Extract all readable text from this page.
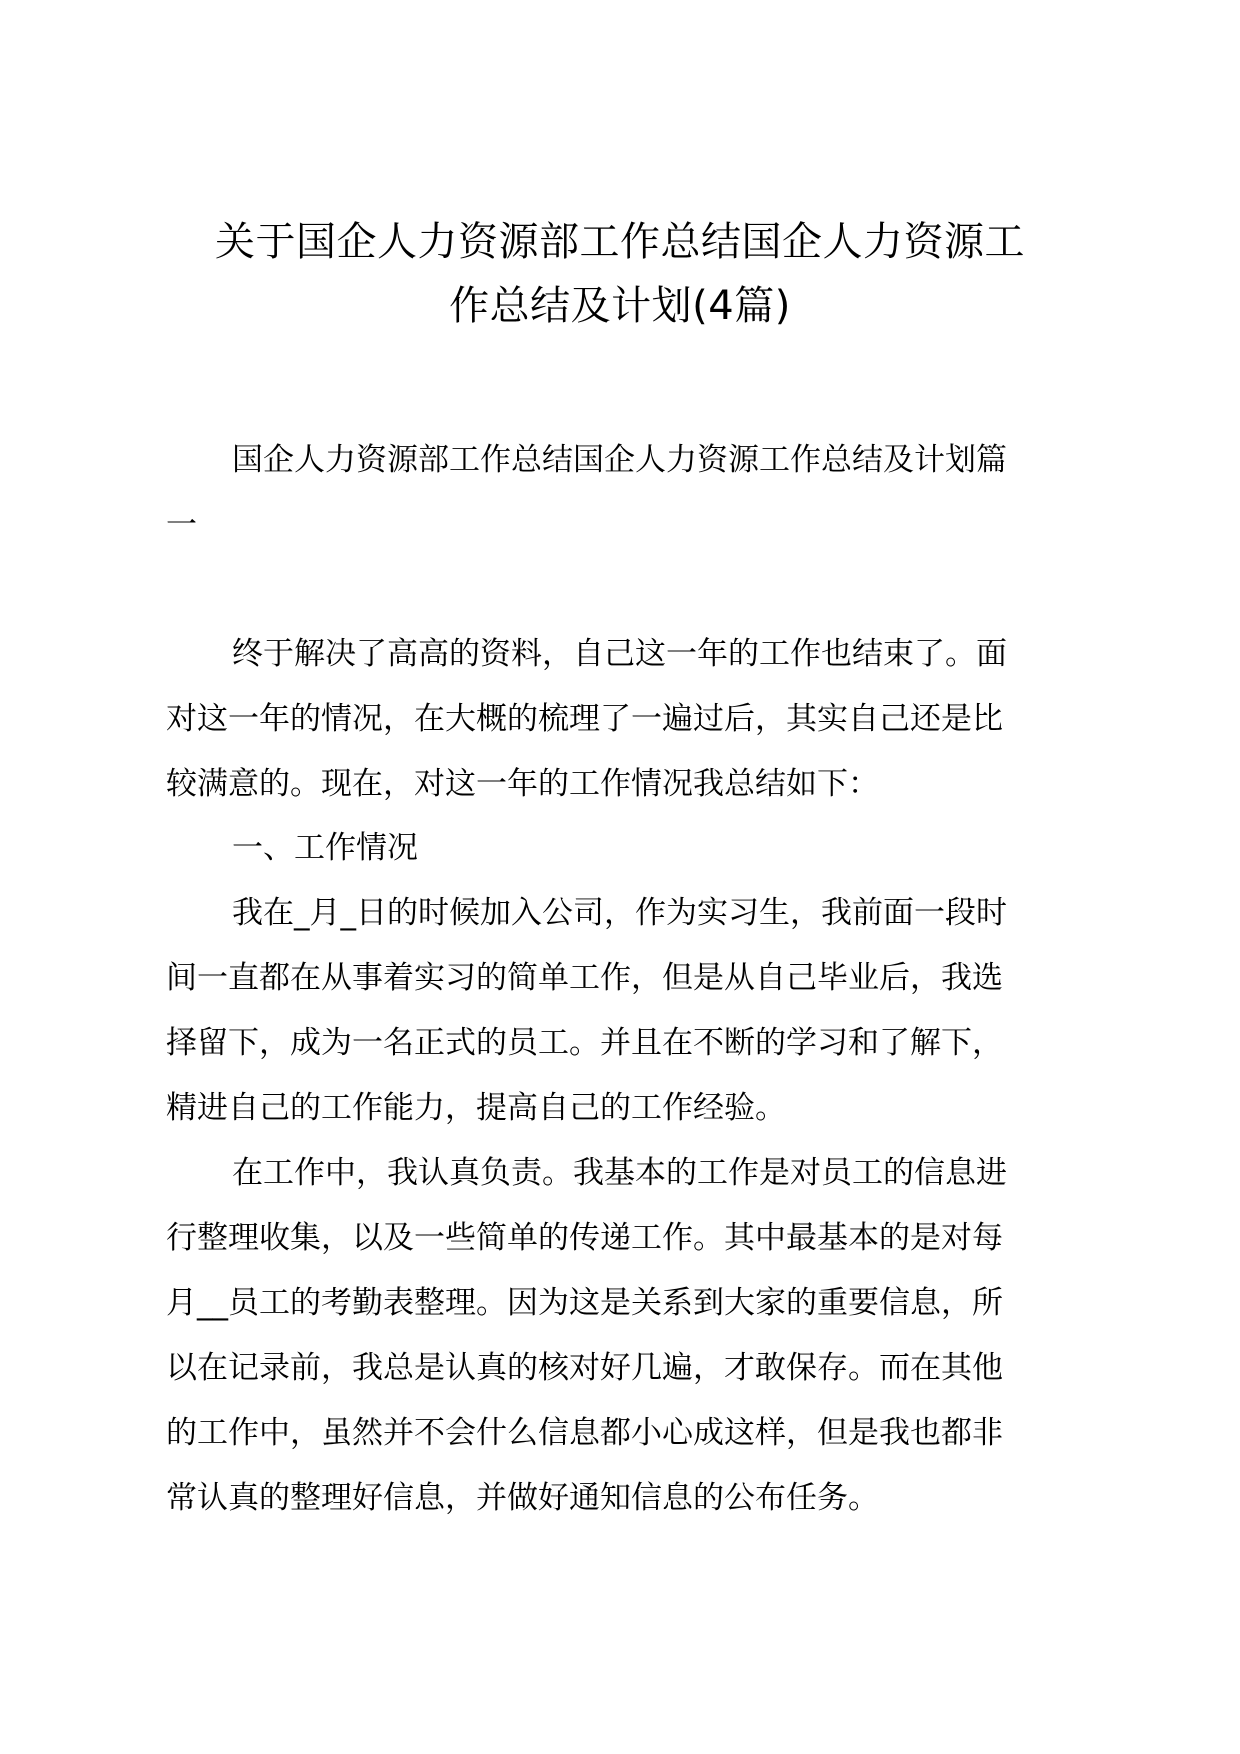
关于国企人力资源部工作总结国企人力资源工
作总结及计划(4篇)

国企人力资源部工作总结国企人力资源工作总结及计划篇
一

终于解决了高高的资料，自己这一年的工作也结束了。面
对这一年的情况，在大概的梳理了一遍过后，其实自己还是比
较满意的。现在，对这一年的工作情况我总结如下：

一、工作情况

我在_月_日的时候加入公司，作为实习生，我前面一段时
间一直都在从事着实习的简单工作，但是从自己毕业后，我选
择留下，成为一名正式的员工。并且在不断的学习和了解下，
精进自己的工作能力，提高自己的工作经验。

在工作中，我认真负责。我基本的工作是对员工的信息进
行整理收集，以及一些简单的传递工作。其中最基本的是对每
月__员工的考勤表整理。因为这是关系到大家的重要信息，所
以在记录前，我总是认真的核对好几遍，才敢保存。而在其他
的工作中，虽然并不会什么信息都小心成这样，但是我也都非
常认真的整理好信息，并做好通知信息的公布任务。
